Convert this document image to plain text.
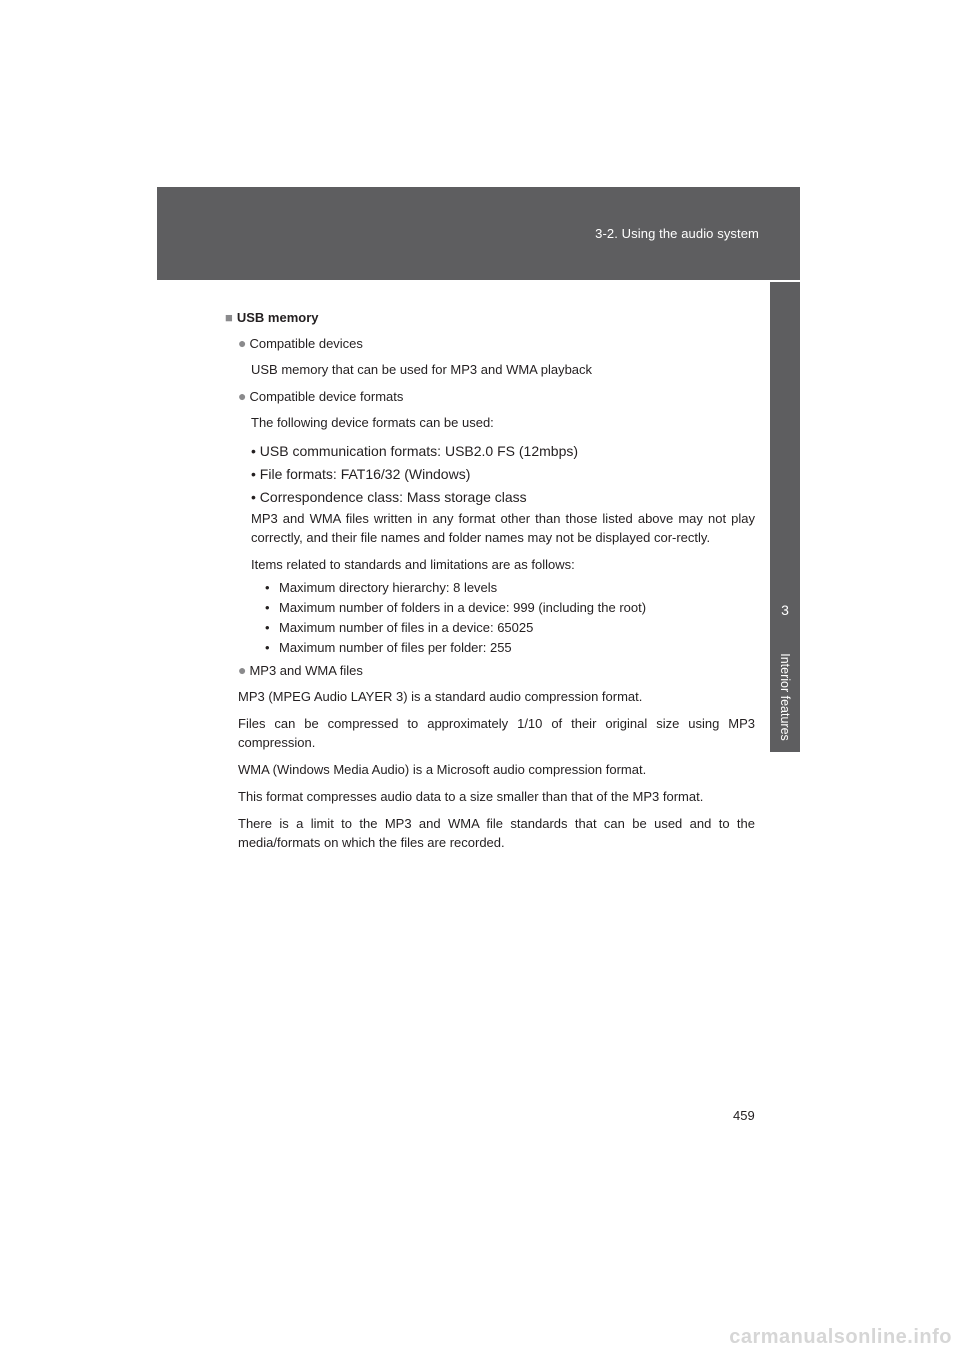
3-2. Using the audio system
3
Interior features

■ USB memory

● Compatible devices

USB memory that can be used for MP3 and WMA playback

● Compatible device formats

The following device formats can be used:

• USB communication formats: USB2.0 FS (12mbps)

• File formats: FAT16/32 (Windows)

• Correspondence class: Mass storage class

MP3 and WMA files written in any format other than those listed above may not play correctly, and their file names and folder names may not be displayed cor-rectly.

Items related to standards and limitations are as follows:

• Maximum directory hierarchy: 8 levels

• Maximum number of folders in a device: 999 (including the root)

• Maximum number of files in a device: 65025

• Maximum number of files per folder: 255

● MP3 and WMA files

MP3 (MPEG Audio LAYER 3) is a standard audio compression format.

Files can be compressed to approximately 1/10 of their original size using MP3 compression.

WMA (Windows Media Audio) is a Microsoft audio compression format.

This format compresses audio data to a size smaller than that of the MP3 format.

There is a limit to the MP3 and WMA file standards that can be used and to the media/formats on which the files are recorded.

459
carmanualsonline.info
